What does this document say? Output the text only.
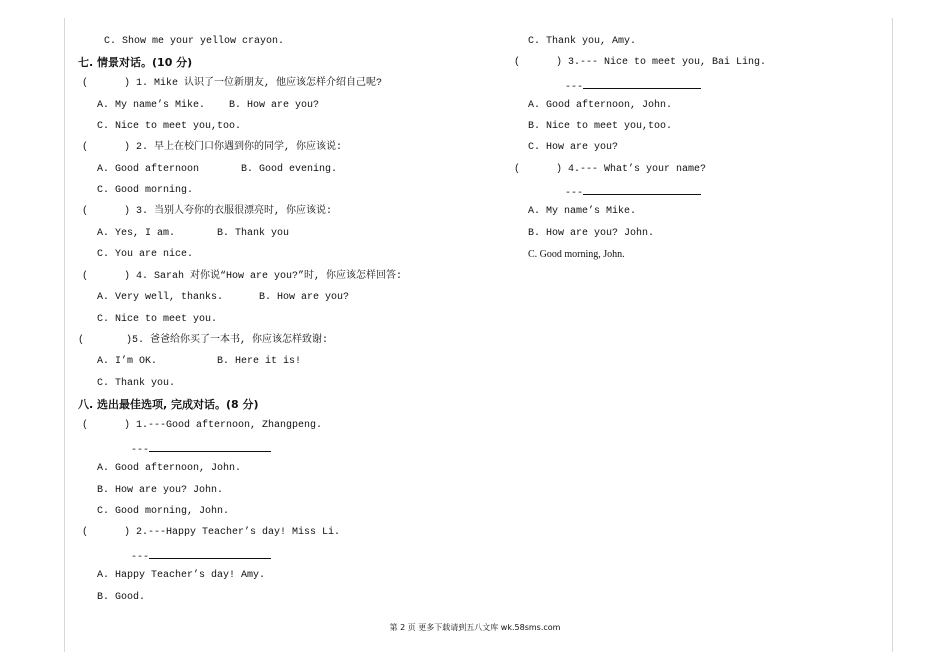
C. Show me your yellow crayon.
七. 情景对话。(10 分)
(      ) 1. Mike 认识了一位新朋友, 他应该怎样介绍自己呢?
A. My name’s Mike.    B. How are you?
C. Nice to meet you,too.
(      ) 2. 早上在校门口你遇到你的同学, 你应该说:
A. Good afternoon       B. Good evening.
C. Good morning.
(      ) 3. 当别人夸你的衣服很漂亮时, 你应该说:
A. Yes, I am.       B. Thank you
C. You are nice.
(      ) 4. Sarah 对你说“How are you?”时, 你应该怎样回答:
A. Very well, thanks.      B. How are you?
C. Nice to meet you.
(       )5. 爸爸给你买了一本书, 你应该怎样致谢:
A. I’m OK.          B. Here it is!
C. Thank you.
八. 选出最佳选项, 完成对话。(8 分)
(      ) 1.---Good afternoon, Zhangpeng.
---
A. Good afternoon, John.
B. How are you? John.
C. Good morning, John.
(      ) 2.---Happy Teacher’s day! Miss Li.
---
A. Happy Teacher’s day! Amy.
B. Good.
C. Thank you, Amy.
(      ) 3.--- Nice to meet you, Bai Ling.
---
A. Good afternoon, John.
B. Nice to meet you,too.
C. How are you?
(      ) 4.--- What’s your name?
---
A. My name’s Mike.
B. How are you? John.
C. Good morning, John.
第 2 页 更多下载请到五八文库 wk.58sms.com
